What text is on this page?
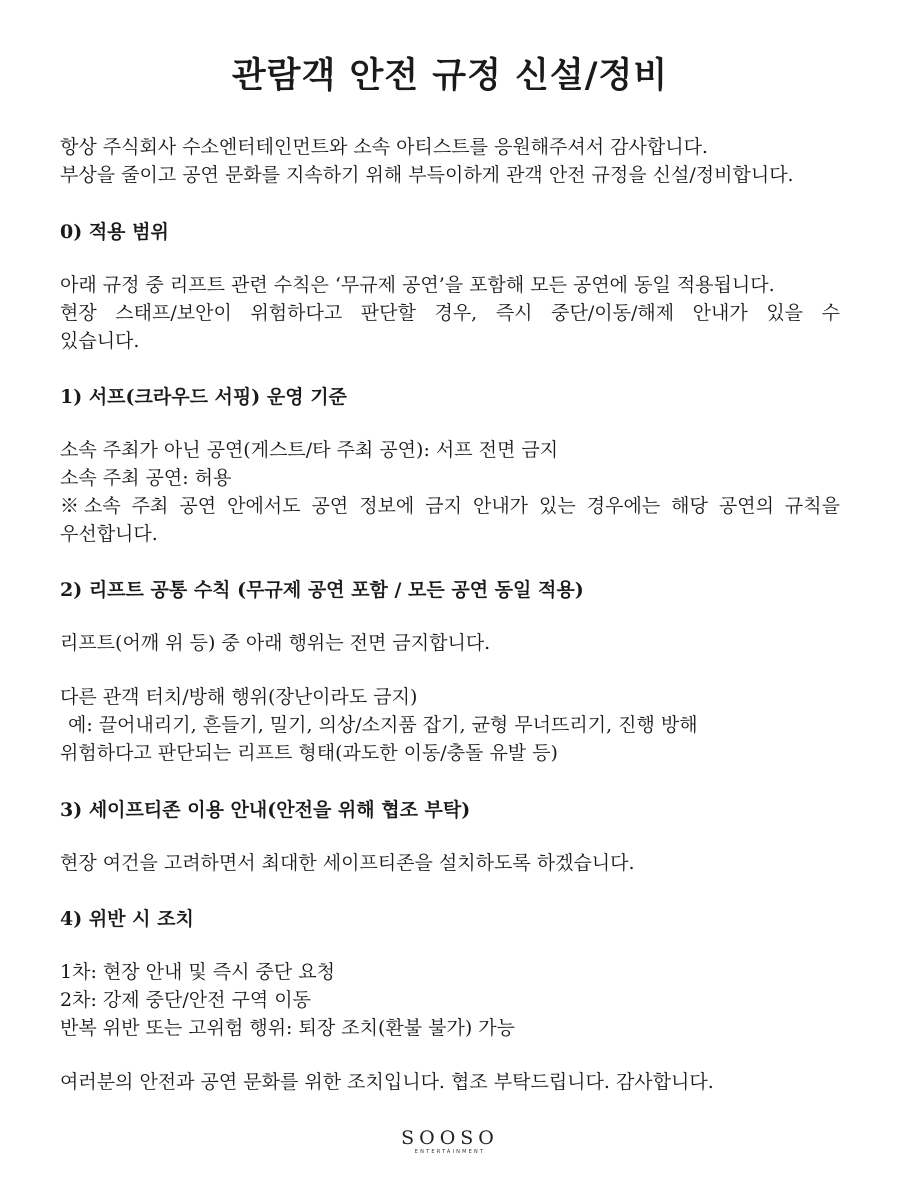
관람객 안전 규정 신설/정비
항상 주식회사 수소엔터테인먼트와 소속 아티스트를 응원해주셔서 감사합니다.
부상을 줄이고 공연 문화를 지속하기 위해 부득이하게 관객 안전 규정을 신설/정비합니다.
0) 적용 범위
아래 규정 중 리프트 관련 수칙은 ‘무규제 공연’을 포함해 모든 공연에 동일 적용됩니다.
현장 스태프/보안이 위험하다고 판단할 경우, 즉시 중단/이동/해제 안내가 있을 수
있습니다.
1) 서프(크라우드 서핑) 운영 기준
소속 주최가 아닌 공연(게스트/타 주최 공연): 서프 전면 금지
소속 주최 공연: 허용
※소속 주최 공연 안에서도 공연 정보에 금지 안내가 있는 경우에는 해당 공연의 규칙을
우선합니다.
2) 리프트 공통 수칙 (무규제 공연 포함 / 모든 공연 동일 적용)
리프트(어깨 위 등) 중 아래 행위는 전면 금지합니다.
다른 관객 터치/방해 행위(장난이라도 금지)
예: 끌어내리기, 흔들기, 밀기, 의상/소지품 잡기, 균형 무너뜨리기, 진행 방해
위험하다고 판단되는 리프트 형태(과도한 이동/충돌 유발 등)
3) 세이프티존 이용 안내(안전을 위해 협조 부탁)
현장 여건을 고려하면서 최대한 세이프티존을 설치하도록 하겠습니다.
4) 위반 시 조치
1차: 현장 안내 및 즉시 중단 요청
2차: 강제 중단/안전 구역 이동
반복 위반 또는 고위험 행위: 퇴장 조치(환불 불가) 가능
여러분의 안전과 공연 문화를 위한 조치입니다. 협조 부탁드립니다. 감사합니다.
SOOSO
ENTERTAINMENT
